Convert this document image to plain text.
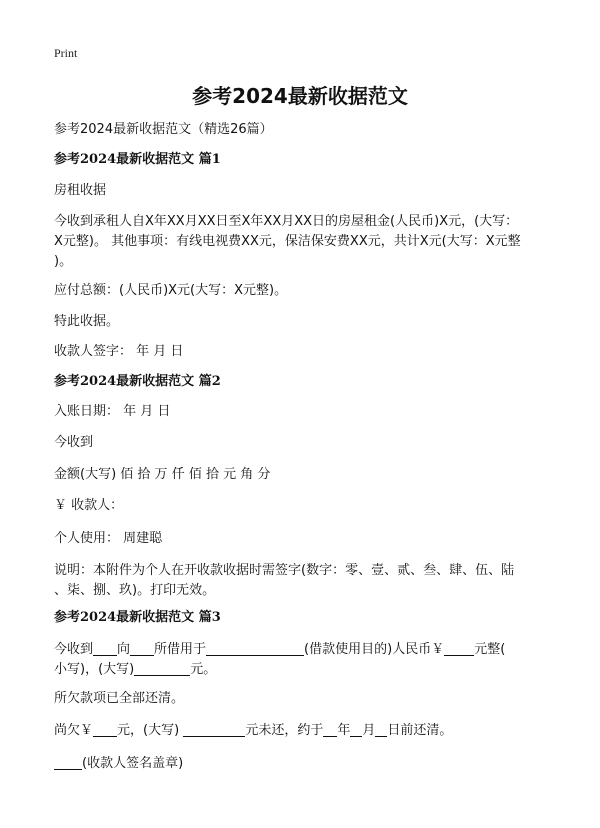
Print
参考2024最新收据范文
参考2024最新收据范文（精选26篇）
参考2024最新收据范文 篇1
房租收据
今收到承租人自X年XX月XX日至X年XX月XX日的房屋租金(人民币)X元，(大写：
X元整)。 其他事项：有线电视费XX元，保洁保安费XX元，共计X元(大写：X元整
)。
应付总额：(人民币)X元(大写：X元整)。
特此收据。
收款人签字： 年 月 日
参考2024最新收据范文 篇2
入账日期： 年 月 日
今收到
金额(大写) 佰 拾 万 仟 佰 拾 元 角 分
￥ 收款人：
个人使用： 周建聪
说明：本附件为个人在开收款收据时需签字(数字：零、壹、贰、叁、肆、伍、陆
、柒、捌、玖)。打印无效。
参考2024最新收据范文 篇3
今收到 向 所借用于	(借款使用目的)人民币￥ 元整(
小写)，(大写)	元。
所欠款项已全部还清。
尚欠￥ 元，(大写)	元未还，约于 年 月 日前还清。
(收款人签名盖章)
